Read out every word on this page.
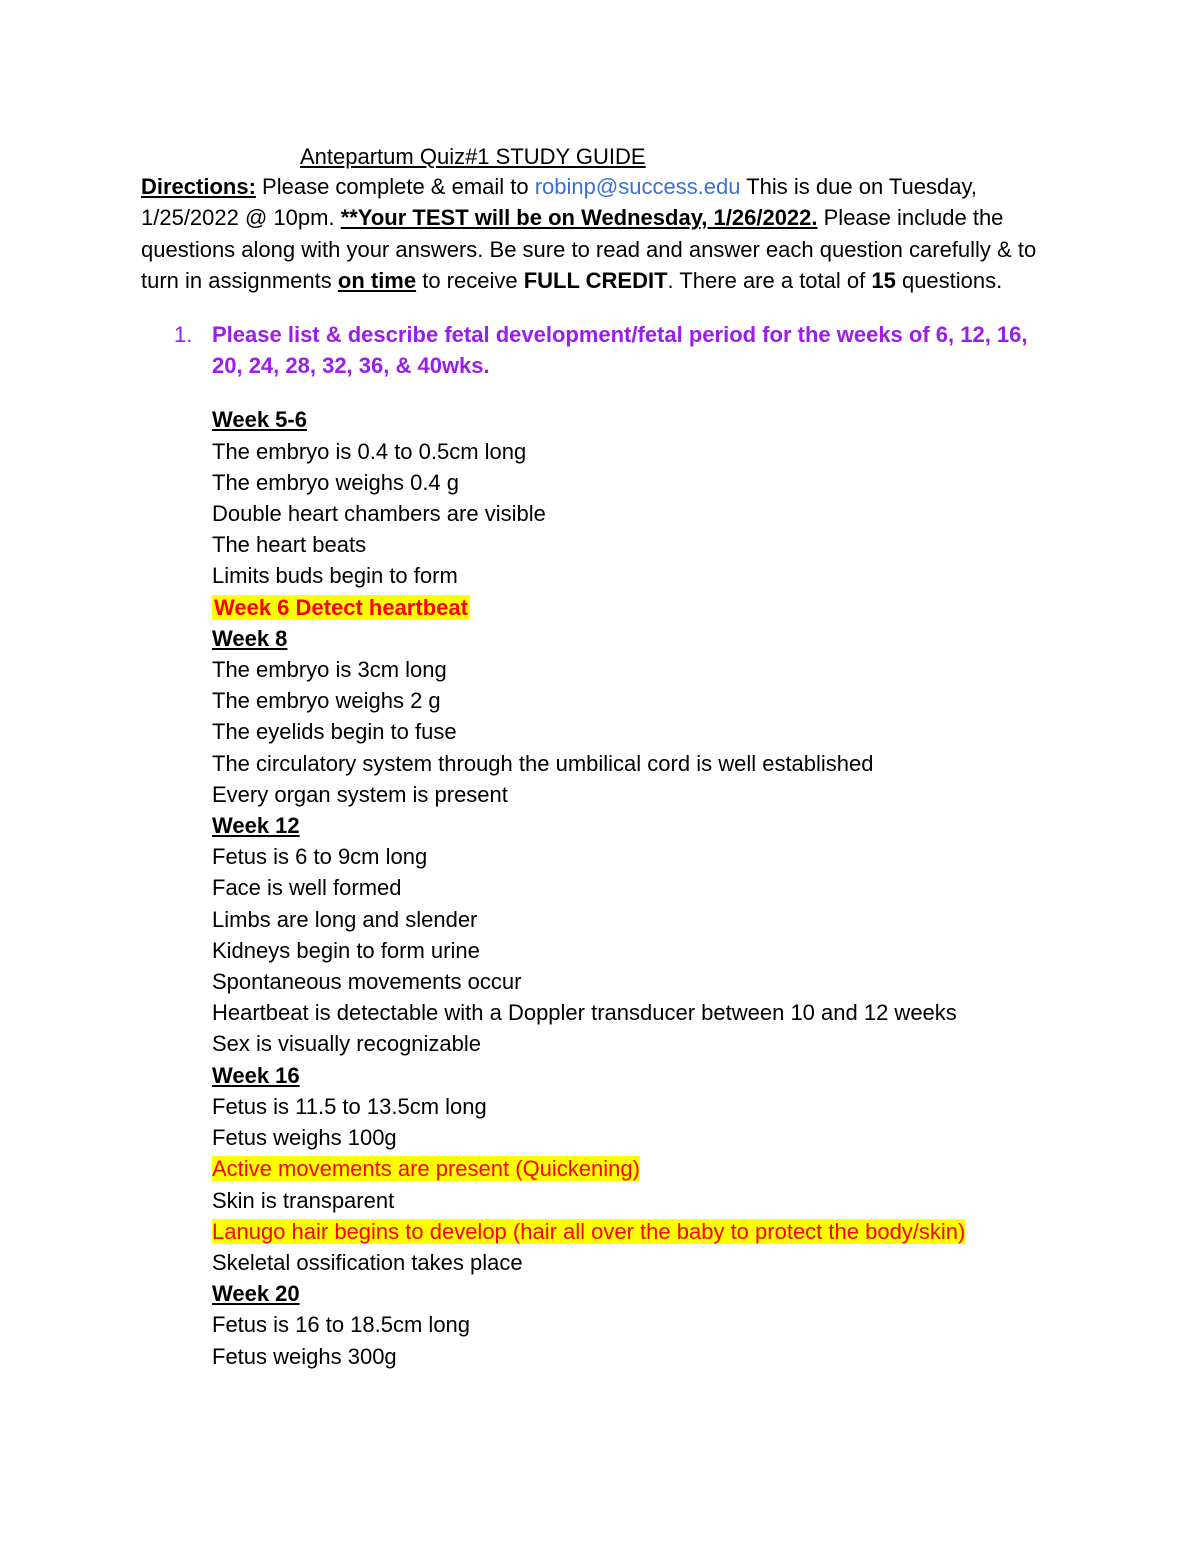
Antepartum Quiz#1 STUDY GUIDE

Directions: Please complete & email to robinp@success.edu This is due on Tuesday, 1/25/2022 @ 10pm. **Your TEST will be on Wednesday, 1/26/2022. Please include the questions along with your answers. Be sure to read and answer each question carefully & to turn in assignments on time to receive FULL CREDIT. There are a total of 15 questions.

1. Please list & describe fetal development/fetal period for the weeks of 6, 12, 16, 20, 24, 28, 32, 36, & 40wks.
Week 5-6
The embryo is 0.4 to 0.5cm long
The embryo weighs 0.4 g
Double heart chambers are visible
The heart beats
Limits buds begin to form
Week 6 Detect heartbeat
Week 8
The embryo is 3cm long
The embryo weighs 2 g
The eyelids begin to fuse
The circulatory system through the umbilical cord is well established
Every organ system is present
Week 12
Fetus is 6 to 9cm long
Face is well formed
Limbs are long and slender
Kidneys begin to form urine
Spontaneous movements occur
Heartbeat is detectable with a Doppler transducer between 10 and 12 weeks
Sex is visually recognizable
Week 16
Fetus is 11.5 to 13.5cm long
Fetus weighs 100g
Active movements are present (Quickening)
Skin is transparent
Lanugo hair begins to develop (hair all over the baby to protect the body/skin)
Skeletal ossification takes place
Week 20
Fetus is 16 to 18.5cm long
Fetus weighs 300g
